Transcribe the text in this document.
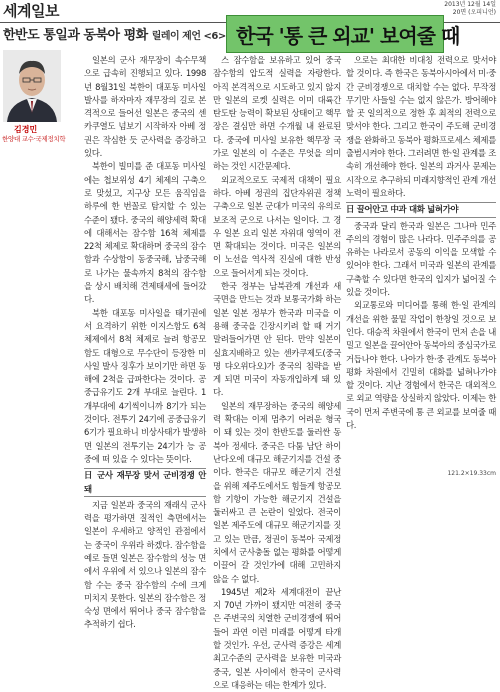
세계일보	2013년 12월 14일
20면 (오피니언)
한반도 통일과 동북아 평화 릴레이 제언 <6> 한국 '통 큰 외교' 보여줄 때
김경민
한양대 교수·국제정치학

일본의 군사 재무장이 속수무책으로 급속히 진행되고 있다. 1998년 8월31일 북한이 대포동 미사일 발사를 하자마자 재무장의 길로 본격적으로 들어선 일본은 중국의 센카쿠열도 넘보기 시작하자 아베 정권은 작심한 듯 군사력을 증강하고 있다.

북한이 빌미를 준 대포동 미사일에는 첩보위성 4기 체제의 구축으로 맞섰고, 지구상 모든 움직임을 하루에 한 번꼴로 탐지할 수 있는 수준이 됐다. 중국의 해양세력 확대에 대해서는 잠수함 16척 체제를 22척 체제로 확대하며 중국의 잠수함과 수상함이 동중국해, 남중국해로 나가는 물속까지 8척의 잠수함을 상시 배치해 견제태세에 들어갔다.

북한 대포동 미사일을 태기권에서 요격하기 위한 이지스함도 6척 체제에서 8척 체제로 늘려 항공모함도 대형으로 무수단이 등장한 미사일 발사 징후가 보이기만 하면 동해에 2척을 급파한다는 것이다. 공중급유기도 2개 부대로 늘린다. 1개부대에 4기씩이니까 8기가 되는 것이다. 전투기 24기에 공중급유기 6기가 필요하니 비상사태가 발생하면 일본의 전투기는 24기가 능 공중에 떠 있을 수 있다는 뜻이다.

日 군사 재무장 맞서 군비경쟁 안돼

지금 일본과 중국의 재래식 군사력을 평가하면 질적인 측면에서는 일본이 우세하고 양적인 관점에서는 중국이 우위라 하겠다. 잠수함을 예로 들면 일본은 잠수함의 성능 면에서 우위에 서 있으나 일본의 잠수함 수는 중국 잠수함의 수에 크게 미치지 못한다. 일본의 잠수함은 정숙성 면에서 뛰어나 중국 잠수함을 추적하기 쉽다.

스 잠수함을 보유하고 있어 중국 잠수함의 압도적 실력을 자랑한다. 아직 본격적으로 시도하고 있지 않지만 일본의 로켓 실력은 이미 대륙간 탄도탄 능력이 확보된 상태이고 핵무장은 결심만 하면 수개월 내 완료된다. 중국에 미사일 보유한 핵무장 국가로 일본의 이 수준은 무엇을 의미하는 것인 시간문제다.

외교적으로도 국제적 대책이 필요하다. 아베 정권의 집단자위권 정책 구축으로 일본 군대가 미국의 유의로 보조적 군으로 나서는 일이다. 그 경우 일본 요리 일본 자위대 영역이 전면 확대되는 것이다. 미국은 일본의 이 노선을 역사적 진실에 대한 반성으로 들어서게 되는 것이다.

한국 정부는 남북관계 개선과 새 국면을 만드는 것과 보통국가화 하는 일본 일본 정부가 한국과 미국을 이용해 중국을 긴장시키려 할 때 거기 말려들어가면 안 된다. 만약 일본이 실효지배하고 있는 센카쿠제도(중국명 댜오위다오)가 중국의 침략을 받게 되면 미국이 자동개입하게 돼 있다.

일본의 재무장하는 중국의 해양세력 확대는 이제 멈추기 어려운 형국이 돼 있는 것이 한반도를 둘러싼 동북아 정세다. 중국은 다툼 남단 하이난다오에 대규모 해군기지를 건설 중이다. 한국은 대규모 해군기지 건설을 위해 제주도에서도 힘들게 항공모함 기항이 가능한 해군기지 건설을 둘러싸고 큰 논란이 일었다. 전국이 일본 제주도에 대규모 해군기지를 짓고 있는 만큼, 정권이 동북아 국제정치에서 군사충돌 없는 평화를 어떻게 이끌어 갈 것인가에 대해 고민하지 않을 수 없다.

1945년 제2차 세계대전이 끝난 지 70년 가까이 됐지만 여전히 중국은 주변국의 치열한 군비경쟁에 뛰어들어 과연 이런 미래를 어떻게 타개할 것인가. 우선, 군사력 증강은 세계 최고수준의 군사력을 보유한 미국과 중국, 일본 사이에서 한국이 군사력으로 대응하는 데는 한계가 있다.

으로는 최대한 비대칭 전력으로 맞서야 할 것이다. 즉 한국은 동북아시아에서 미·중 간 군비경쟁으로 대치할 수는 없다. 무작정 무기만 사들일 수는 없지 않은가. 방어해야 할 곳 일의적으로 정한 후 최적의 전력으로 맞서야 한다. 그리고 한국이 주도해 군비경쟁을 완화하고 동북아 평화프로세스 체제를 출범시켜야 한다. 그러려면 한·일 관계를 조속히 개선해야 한다. 일본의 과거사 문제는 시작으로 추구하되 미래지향적인 관계 개선 노력이 필요하다.

日 끌어안고 中과 대화 넓혀가야

중국과 달리 한국과 일본은 그나마 민주주의의 경험이 많은 나라다. 민주주의를 공유하는 나라로서 공동의 이익을 모색할 수 있어야 한다. 그래서 미국과 일본의 관계를 구축할 수 있다면 한국의 입지가 넓어질 수 있을 것이다.

외교통로와 미디어를 통해 한·일 관계의 개선을 위한 물밑 작업이 한창일 것으로 보인다. 대승적 차원에서 한국이 먼저 손을 내밀고 일본을 끌어안아 동북아의 중심국가로 거듭나야 한다. 나아가 한·중 관계도 동북아 평화 차원에서 긴밀히 대화를 넓혀나가야 할 것이다. 지난 경험에서 한국은 대외적으로 외교 역량을 상실하지 않았다. 이제는 한국이 먼저 주변국에 통 큰 외교를 보여줄 때다.

121.2×19.33cm
